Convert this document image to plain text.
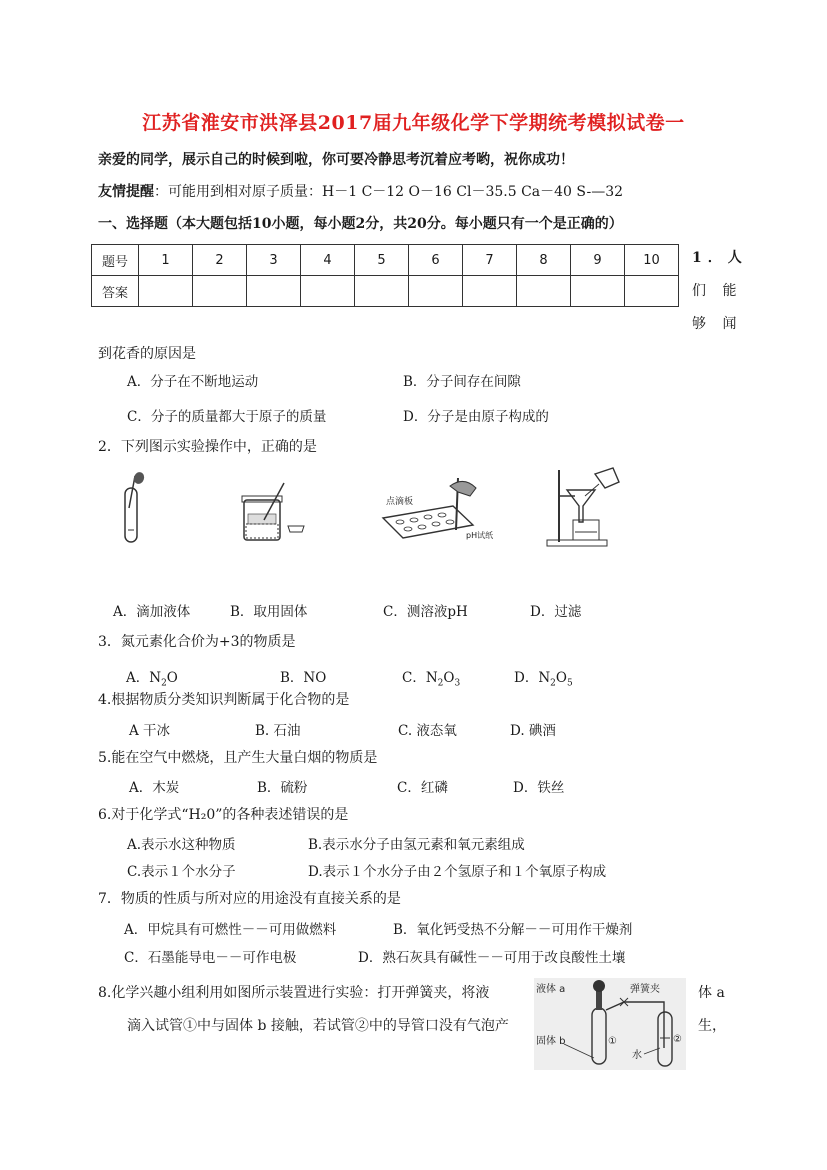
江苏省淮安市洪泽县2017届九年级化学下学期统考模拟试卷一
亲爱的同学，展示自己的时候到啦，你可要冷静思考沉着应考哟，祝你成功！
友情提醒：可能用到相对原子质量：H－1 C－12 O－16 Cl－35.5 Ca－40 S-—32
一、选择题（本大题包括10小题，每小题2分，共20分。每小题只有一个是正确的）
题号	1	2	3	4	5	6	7	8	9	10
答案										
1．人
们 能
够 闻
到花香的原因是
A．分子在不断地运动	B．分子间存在间隙
C．分子的质量都大于原子的质量	D．分子是由原子构成的
2．下列图示实验操作中，正确的是
点滴板
pH试纸
A．滴加液体	B．取用固体	C．测溶液pH	D．过滤
3．氮元素化合价为+3的物质是
A．$N_2O$	B．NO	C．$N_2O_3$	D．$N_2O_5$
4.根据物质分类知识判断属于化合物的是
A 干冰	B. 石油	C. 液态氧	D. 碘酒
5.能在空气中燃烧，且产生大量白烟的物质是
A．木炭	B．硫粉	C．红磷	D．铁丝
6.对于化学式“H₂0”的各种表述错误的是
A.表示水这种物质	B.表示水分子由氢元素和氧元素组成
C.表示１个水分子	D.表示１个水分子由２个氢原子和１个氧原子构成
7．物质的性质与所对应的用途没有直接关系的是
A．甲烷具有可燃性－－可用做燃料	B．氧化钙受热不分解－－可用作干燥剂
C．石墨能导电－－可作电极	D．熟石灰具有碱性－－可用于改良酸性土壤
8.化学兴趣小组利用如图所示装置进行实验：打开弹簧夹，将液	体 a
滴入试管①中与固体 b 接触，若试管②中的导管口没有气泡产	生，
液体 a	弹簧夹
固体 b
水
①	②
